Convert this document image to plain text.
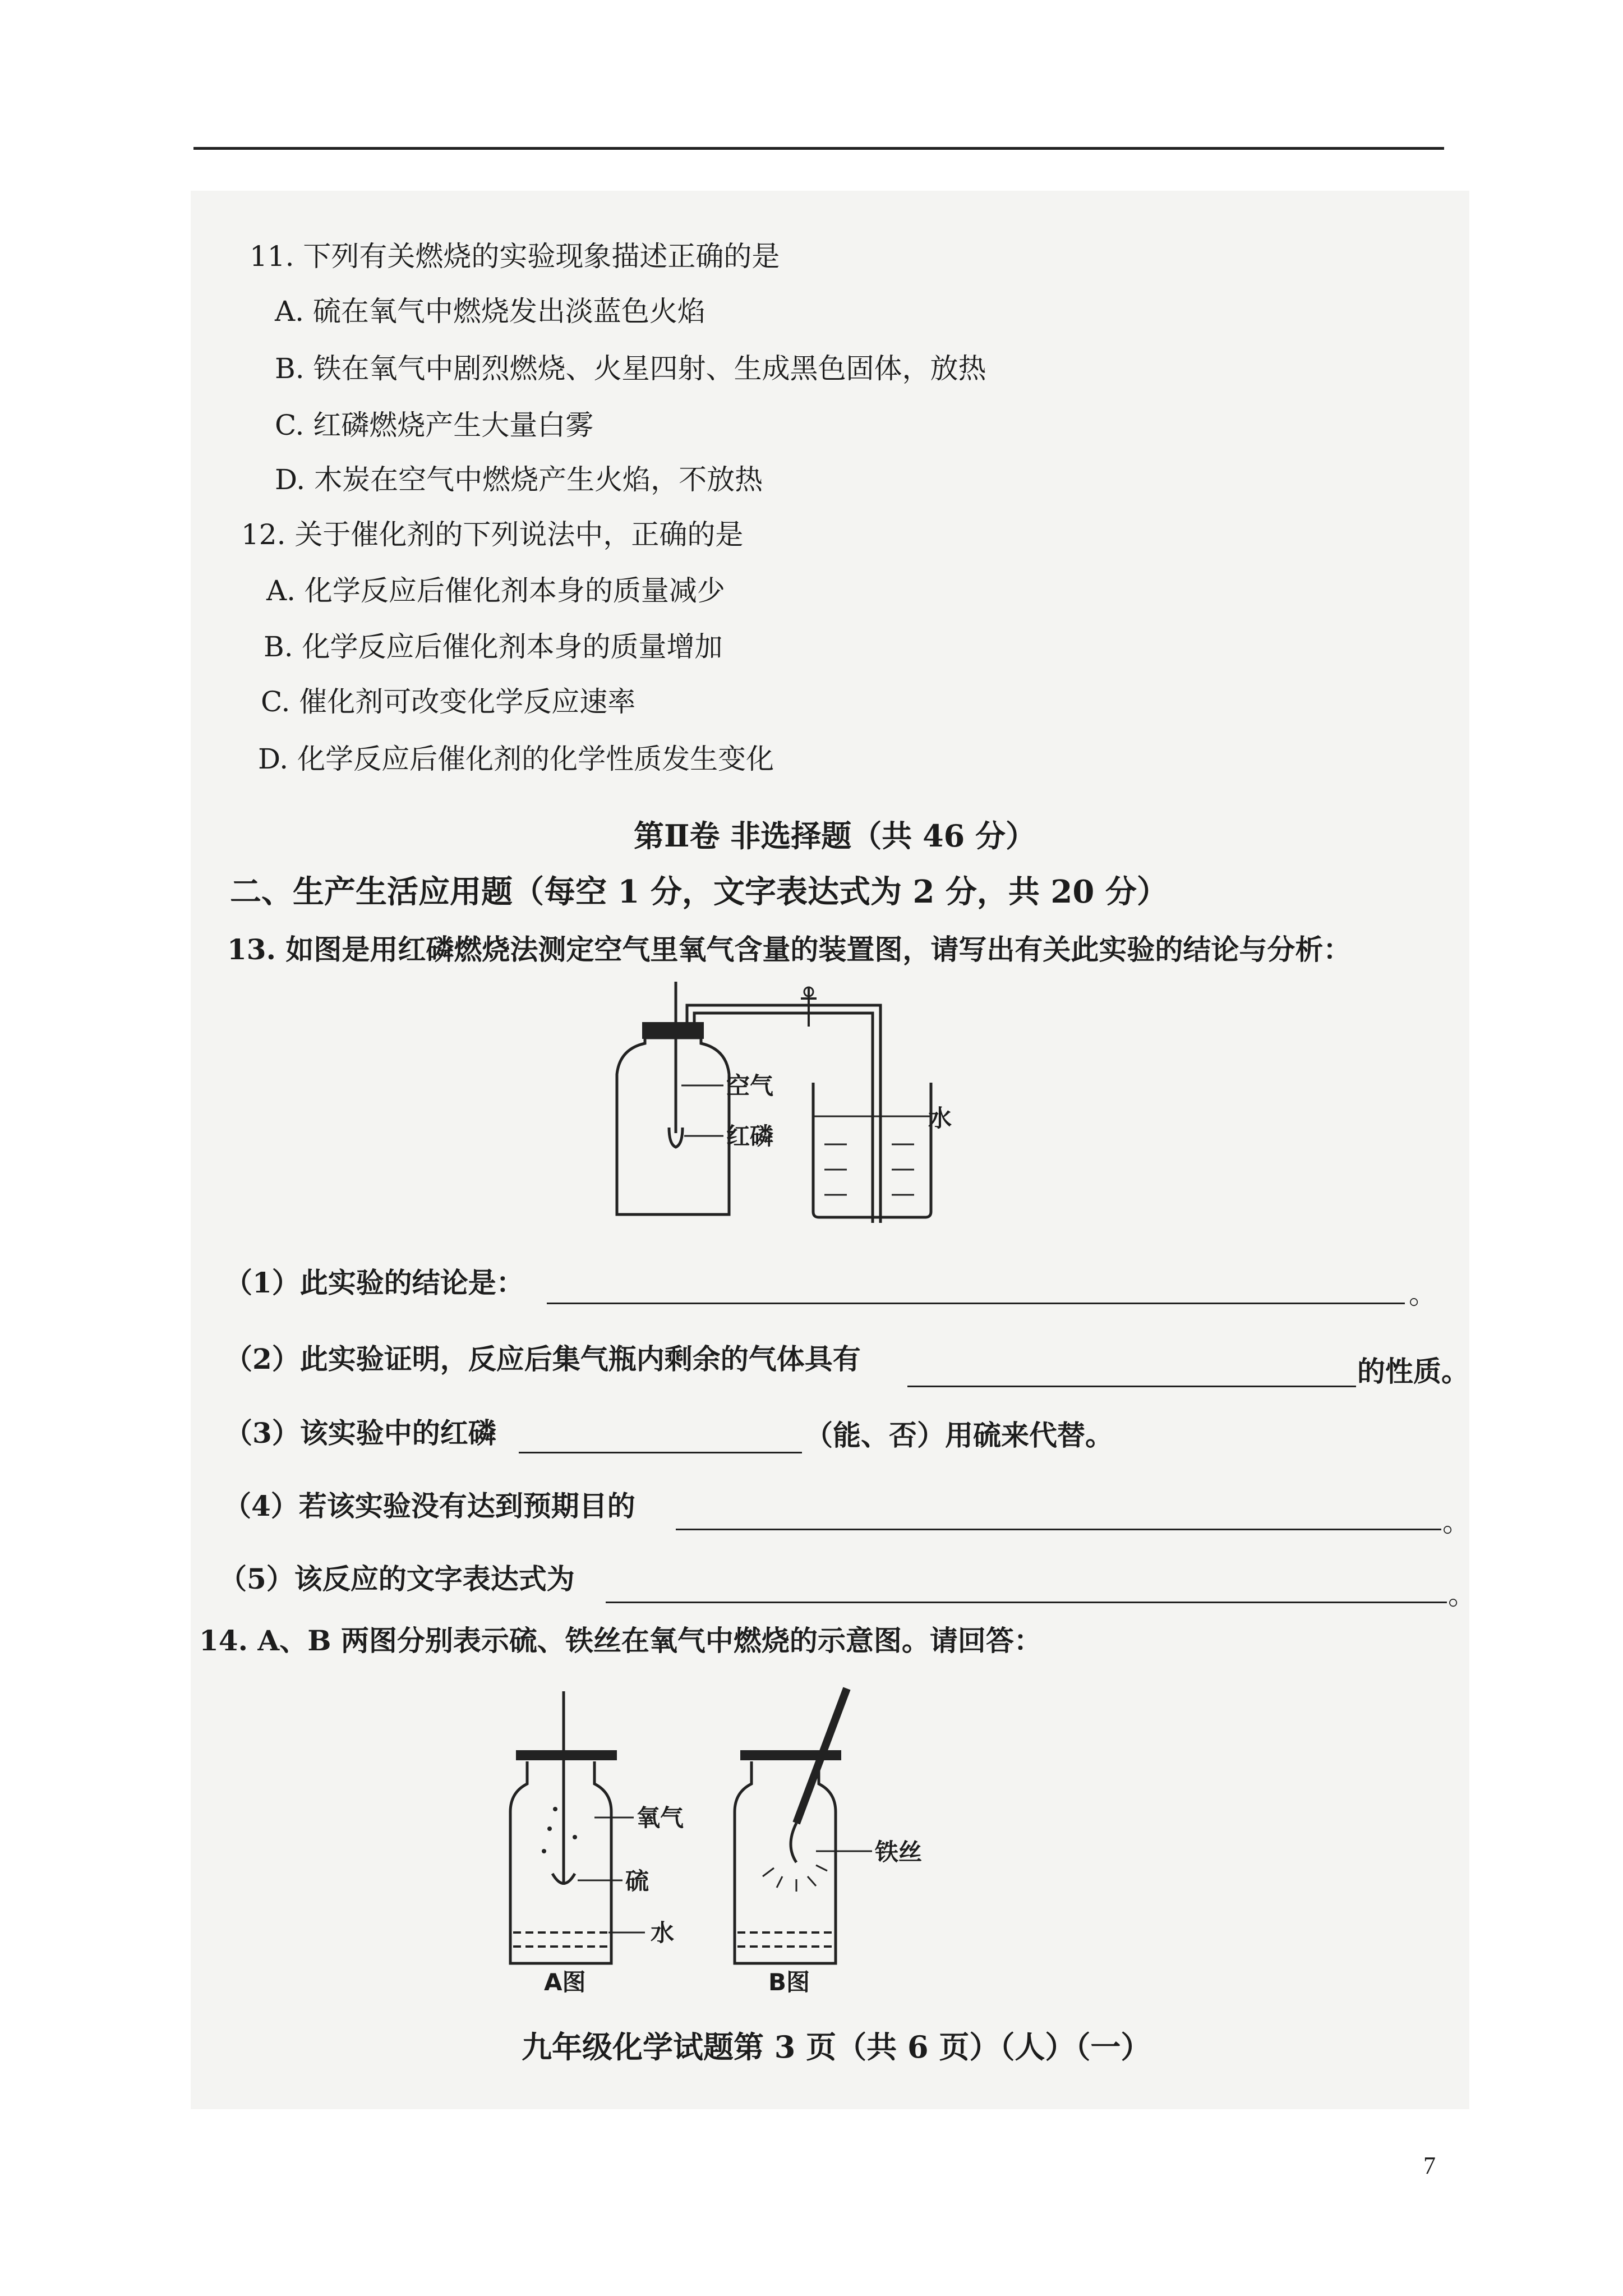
11. 下列有关燃烧的实验现象描述正确的是
A. 硫在氧气中燃烧发出淡蓝色火焰
B. 铁在氧气中剧烈燃烧、火星四射、生成黑色固体，放热
C. 红磷燃烧产生大量白雾
D. 木炭在空气中燃烧产生火焰，不放热
12. 关于催化剂的下列说法中，正确的是
A. 化学反应后催化剂本身的质量减少
B. 化学反应后催化剂本身的质量增加
C. 催化剂可改变化学反应速率
D. 化学反应后催化剂的化学性质发生变化
第Ⅱ卷 非选择题（共 46 分）
二、生产生活应用题（每空 1 分，文字表达式为 2 分，共 20 分）
13. 如图是用红磷燃烧法测定空气里氧气含量的装置图，请写出有关此实验的结论与分析：
空气
红磷
水
（1）此实验的结论是：	。
（2）此实验证明，反应后集气瓶内剩余的气体具有	的性质。
（3）该实验中的红磷	（能、否）用硫来代替。
（4）若该实验没有达到预期目的	。
（5）该反应的文字表达式为	。
14. A、B 两图分别表示硫、铁丝在氧气中燃烧的示意图。请回答：
氧气
硫
水
铁丝
A图	B图
九年级化学试题第 3 页（共 6 页）（人）（一）
7
